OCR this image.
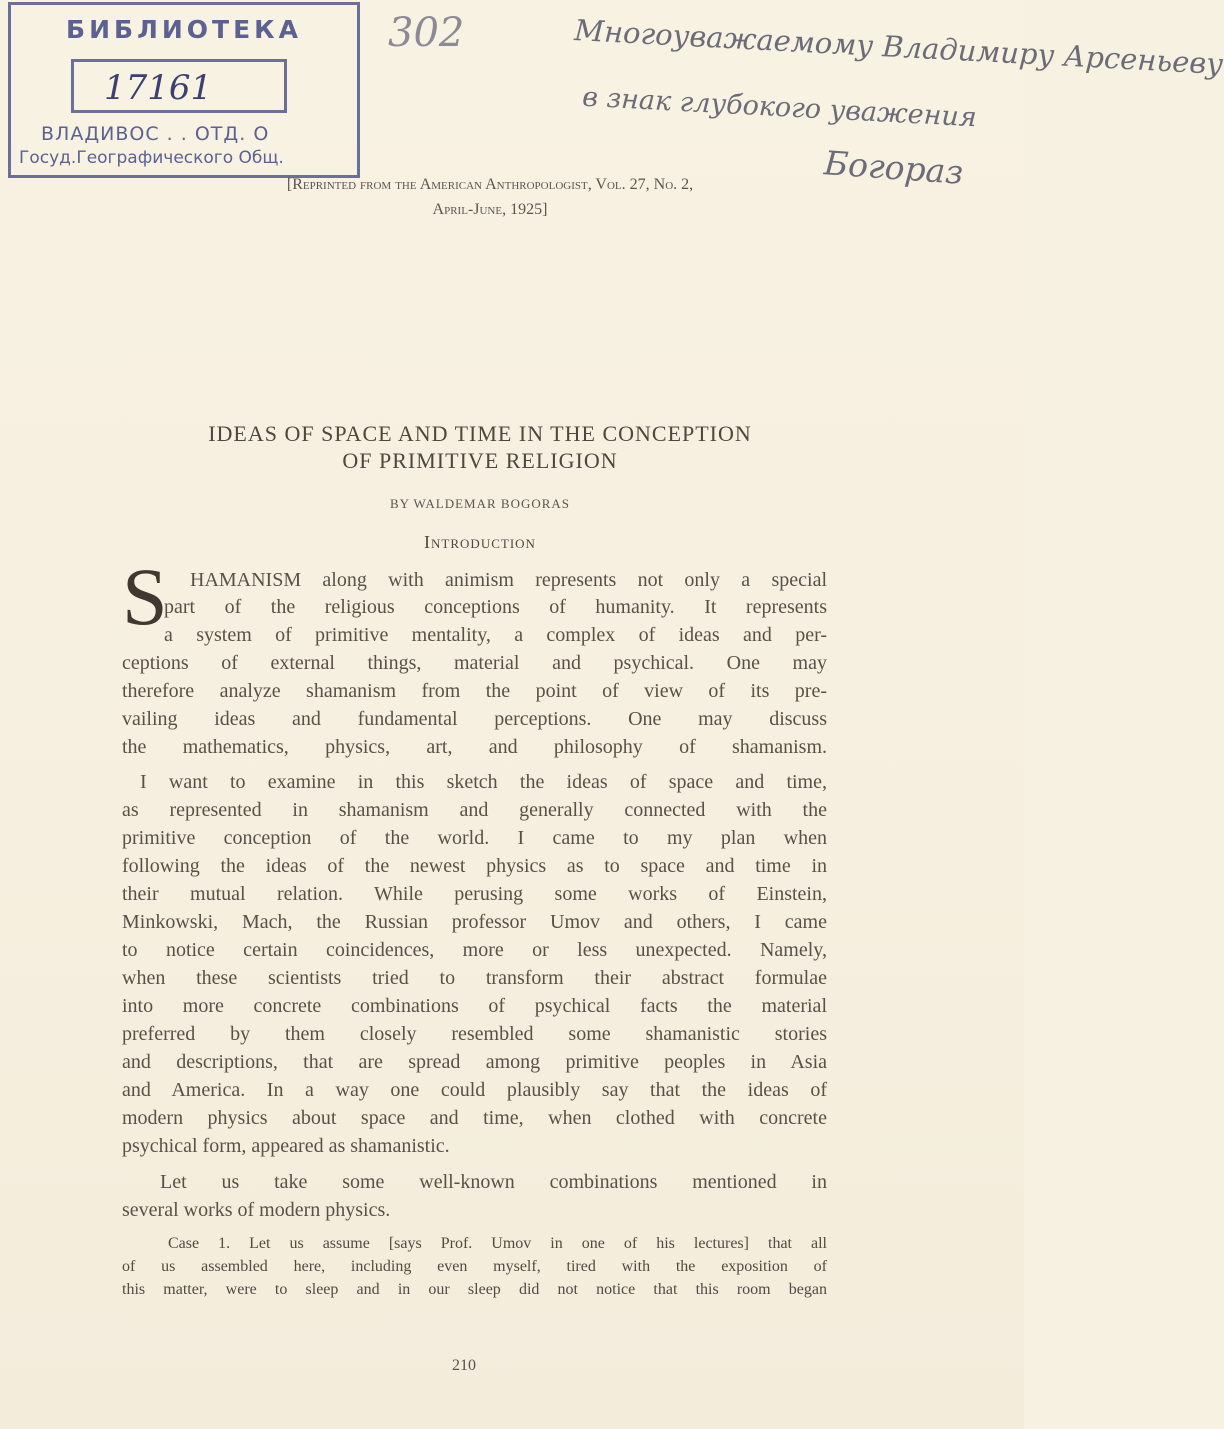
БИБЛИОТЕКА
17161
ВЛАДИВОС . . ОТД. О
Госуд.Географического Общ.
302	Многоуважаемому Владимиру Арсеньеву
в знак глубокого уважения
Богораз
[Reprinted from the American Anthropologist, Vol. 27, No. 2,
April-June, 1925]
IDEAS OF SPACE AND TIME IN THE CONCEPTION
OF PRIMITIVE RELIGION
BY WALDEMAR BOGORAS
Introduction
S HAMANISM along with animism represents not only a special
part of the religious conceptions of humanity. It represents
a system of primitive mentality, a complex of ideas and per-
ceptions of external things, material and psychical. One may
therefore analyze shamanism from the point of view of its pre-
vailing ideas and fundamental perceptions. One may discuss
the mathematics, physics, art, and philosophy of shamanism.
I want to examine in this sketch the ideas of space and time,
as represented in shamanism and generally connected with the
primitive conception of the world. I came to my plan when
following the ideas of the newest physics as to space and time in
their mutual relation. While perusing some works of Einstein,
Minkowski, Mach, the Russian professor Umov and others, I came
to notice certain coincidences, more or less unexpected. Namely,
when these scientists tried to transform their abstract formulae
into more concrete combinations of psychical facts the material
preferred by them closely resembled some shamanistic stories
and descriptions, that are spread among primitive peoples in Asia
and America. In a way one could plausibly say that the ideas of
modern physics about space and time, when clothed with concrete
psychical form, appeared as shamanistic.
Let us take some well-known combinations mentioned in
several works of modern physics.
Case 1. Let us assume [says Prof. Umov in one of his lectures] that all
of us assembled here, including even myself, tired with the exposition of
this matter, were to sleep and in our sleep did not notice that this room began
210
